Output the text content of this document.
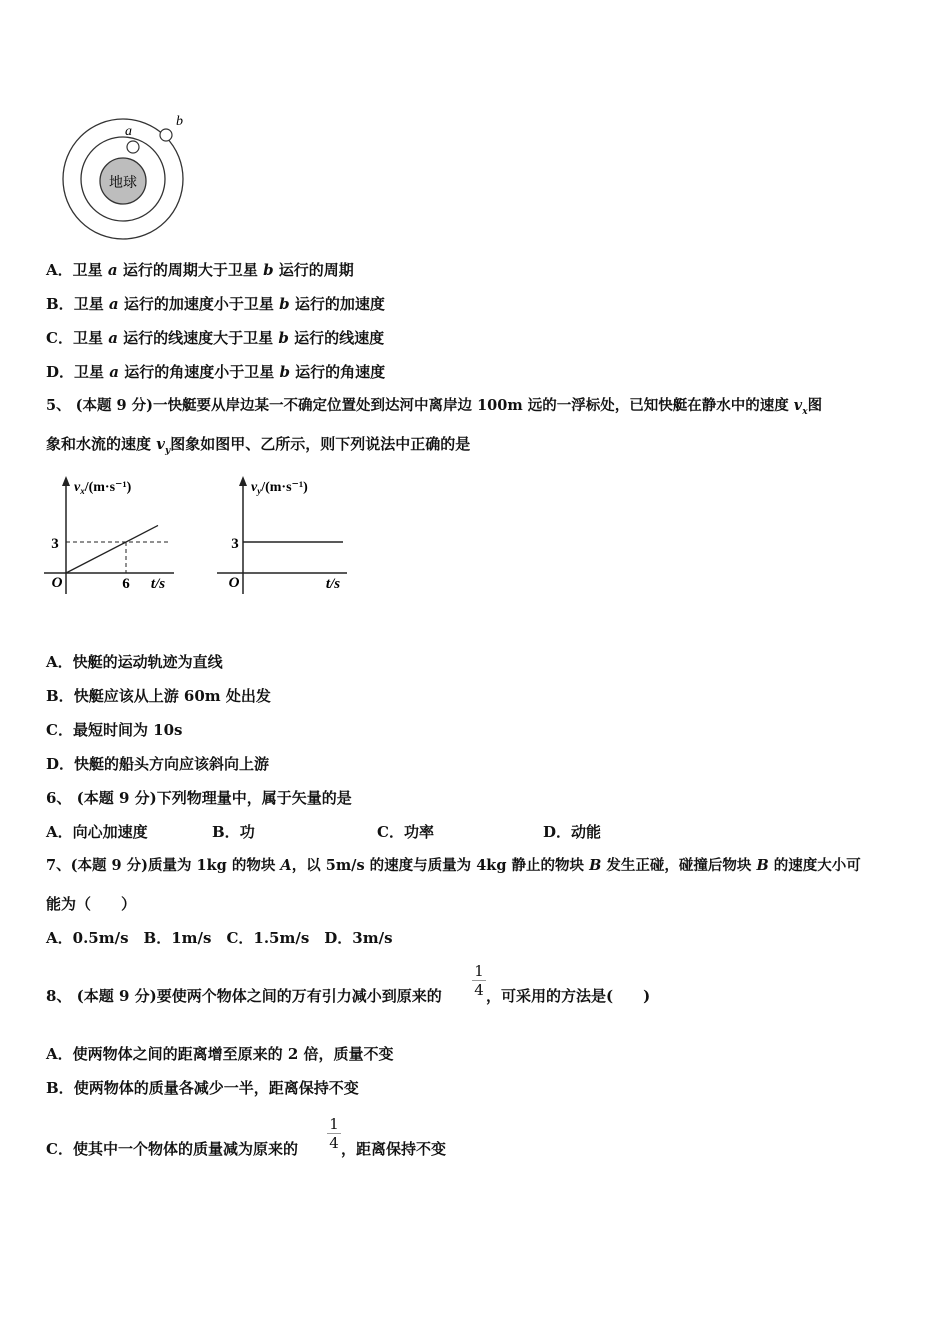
地球
a
b
A．卫星 a 运行的周期大于卫星 b 运行的周期
B．卫星 a 运行的加速度小于卫星 b 运行的加速度
C．卫星 a 运行的线速度大于卫星 b 运行的线速度
D．卫星 a 运行的角速度小于卫星 b 运行的角速度
5、 (本题 9 分)一快艇要从岸边某一不确定位置处到达河中离岸边 100m 远的一浮标处，已知快艇在静水中的速度 $v_x$图
象和水流的速度 $v_y$图象如图甲、乙所示，则下列说法中正确的是
$v_x/(m\cdot s^{-1})$
3
O	6 t/s
$v_y/(m\cdot s^{-1})$
3
O	t/s
A．快艇的运动轨迹为直线
B．快艇应该从上游 60m 处出发
C．最短时间为 10s
D．快艇的船头方向应该斜向上游
6、 (本题 9 分)下列物理量中，属于矢量的是
A．向心加速度	B．功	C．功率	D．动能
7、(本题 9 分)质量为 1kg 的物块 A，以 5m/s 的速度与质量为 4kg 静止的物块 B 发生正碰，碰撞后物块 B 的速度大小可
能为（　　）
A．0.5m/s　B．1m/s　C．1.5m/s　D．3m/s
8、 (本题 9 分)要使两个物体之间的万有引力减小到原来的 $\frac{1}{4}$ ，可采用的方法是(　　)
A．使两物体之间的距离增至原来的 2 倍，质量不变
B．使两物体的质量各减少一半，距离保持不变
C．使其中一个物体的质量减为原来的 $\frac{1}{4}$ ，距离保持不变
